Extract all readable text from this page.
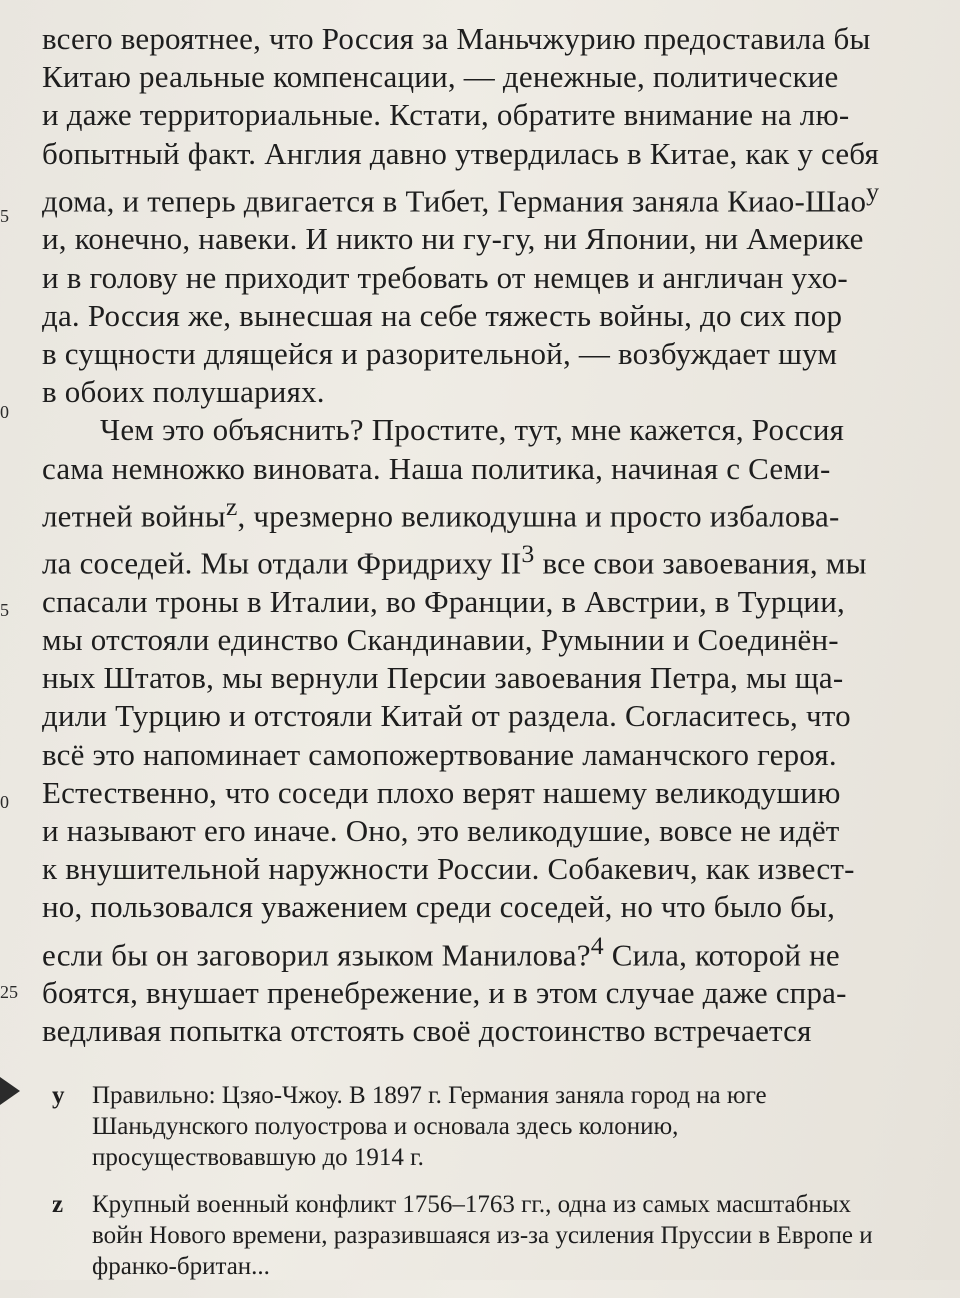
5
0
5
0
25
всего вероятнее, что Россия за Маньчжурию предоставила бы
Китаю реальные компенсации, — денежные, политические
и даже территориальные. Кстати, обратите внимание на лю-
бопытный факт. Англия давно утвердилась в Китае, как у себя
дома, и теперь двигается в Тибет, Германия заняла Киао-Шао$^у$
и, конечно, навеки. И никто ни гу-гу, ни Японии, ни Америке
и в голову не приходит требовать от немцев и англичан ухо-
да. Россия же, вынесшая на себе тяжесть войны, до сих пор
в сущности длящейся и разорительной, — возбуждает шум
в обоих полушариях.
Чем это объяснить? Простите, тут, мне кажется, Россия
сама немножко виновата. Наша политика, начиная с Семи-
летней войны$^z$, чрезмерно великодушна и просто избалова-
ла соседей. Мы отдали Фридриху $II^3$ все свои завоевания, мы
спасали троны в Италии, во Франции, в Австрии, в Турции,
мы отстояли единство Скандинавии, Румынии и Соединён-
ных Штатов, мы вернули Персии завоевания Петра, мы ща-
дили Турцию и отстояли Китай от раздела. Согласитесь, что
всё это напоминает самопожертвование ламанчского героя.
Естественно, что соседи плохо верят нашему великодушию
и называют его иначе. Оно, это великодушие, вовсе не идёт
к внушительной наружности России. Собакевич, как извест-
но, пользовался уважением среди соседей, но что было бы,
если бы он заговорил языком Манилова?$^4$ Сила, которой не
боятся, внушает пренебрежение, и в этом случае даже спра-
ведливая попытка отстоять своё достоинство встречается
у Правильно: Цзяо-Чжоу. В 1897 г. Германия заняла город на юге Шаньдунского полуострова и основала здесь колонию, просуществовавшую до 1914 г.
z Крупный военный конфликт 1756–1763 гг., одна из самых масштабных войн Нового времени, разразившаяся из-за усиления Пруссии в Европе и франко-британ...
